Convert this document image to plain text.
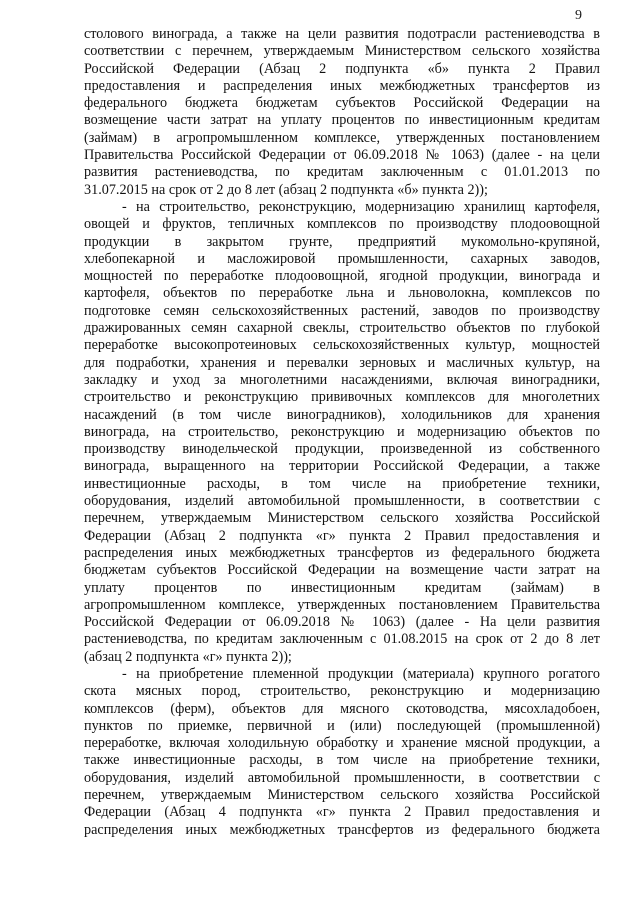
9
столового винограда, а также на цели развития подотрасли растениеводства в
соответствии с перечнем, утверждаемым Министерством сельского хозяйства
Российской Федерации (Абзац 2 подпункта «б» пункта 2 Правил
предоставления и распределения иных межбюджетных трансфертов из
федерального бюджета бюджетам субъектов Российской Федерации на
возмещение части затрат на уплату процентов по инвестиционным кредитам
(займам) в агропромышленном комплексе, утвержденных постановлением
Правительства Российской Федерации от 06.09.2018 № 1063) (далее - на цели
развития растениеводства, по кредитам заключенным с 01.01.2013 по
31.07.2015 на срок от 2 до 8 лет (абзац 2 подпункта «б» пункта 2));
- на строительство, реконструкцию, модернизацию хранилищ картофеля,
овощей и фруктов, тепличных комплексов по производству плодоовощной
продукции в закрытом грунте, предприятий мукомольно-крупяной,
хлебопекарной и масложировой промышленности, сахарных заводов,
мощностей по переработке плодоовощной, ягодной продукции, винограда и
картофеля, объектов по переработке льна и льноволокна, комплексов по
подготовке семян сельскохозяйственных растений, заводов по производству
дражированных семян сахарной свеклы, строительство объектов по глубокой
переработке высокопротеиновых сельскохозяйственных культур, мощностей
для подработки, хранения и перевалки зерновых и масличных культур, на
закладку и уход за многолетними насаждениями, включая виноградники,
строительство и реконструкцию прививочных комплексов для многолетних
насаждений (в том числе виноградников), холодильников для хранения
винограда, на строительство, реконструкцию и модернизацию объектов по
производству винодельческой продукции, произведенной из собственного
винограда, выращенного на территории Российской Федерации, а также
инвестиционные расходы, в том числе на приобретение техники,
оборудования, изделий автомобильной промышленности, в соответствии с
перечнем, утверждаемым Министерством сельского хозяйства Российской
Федерации (Абзац 2 подпункта «г» пункта 2 Правил предоставления и
распределения иных межбюджетных трансфертов из федерального бюджета
бюджетам субъектов Российской Федерации на возмещение части затрат на
уплату процентов по инвестиционным кредитам (займам) в
агропромышленном комплексе, утвержденных постановлением Правительства
Российской Федерации от 06.09.2018 № 1063) (далее - На цели развития
растениеводства, по кредитам заключенным с 01.08.2015 на срок от 2 до 8 лет
(абзац 2 подпункта «г» пункта 2));
- на приобретение племенной продукции (материала) крупного рогатого
скота мясных пород, строительство, реконструкцию и модернизацию
комплексов (ферм), объектов для мясного скотоводства, мясохладобоен,
пунктов по приемке, первичной и (или) последующей (промышленной)
переработке, включая холодильную обработку и хранение мясной продукции, а
также инвестиционные расходы, в том числе на приобретение техники,
оборудования, изделий автомобильной промышленности, в соответствии с
перечнем, утверждаемым Министерством сельского хозяйства Российской
Федерации (Абзац 4 подпункта «г» пункта 2 Правил предоставления и
распределения иных межбюджетных трансфертов из федерального бюджета
